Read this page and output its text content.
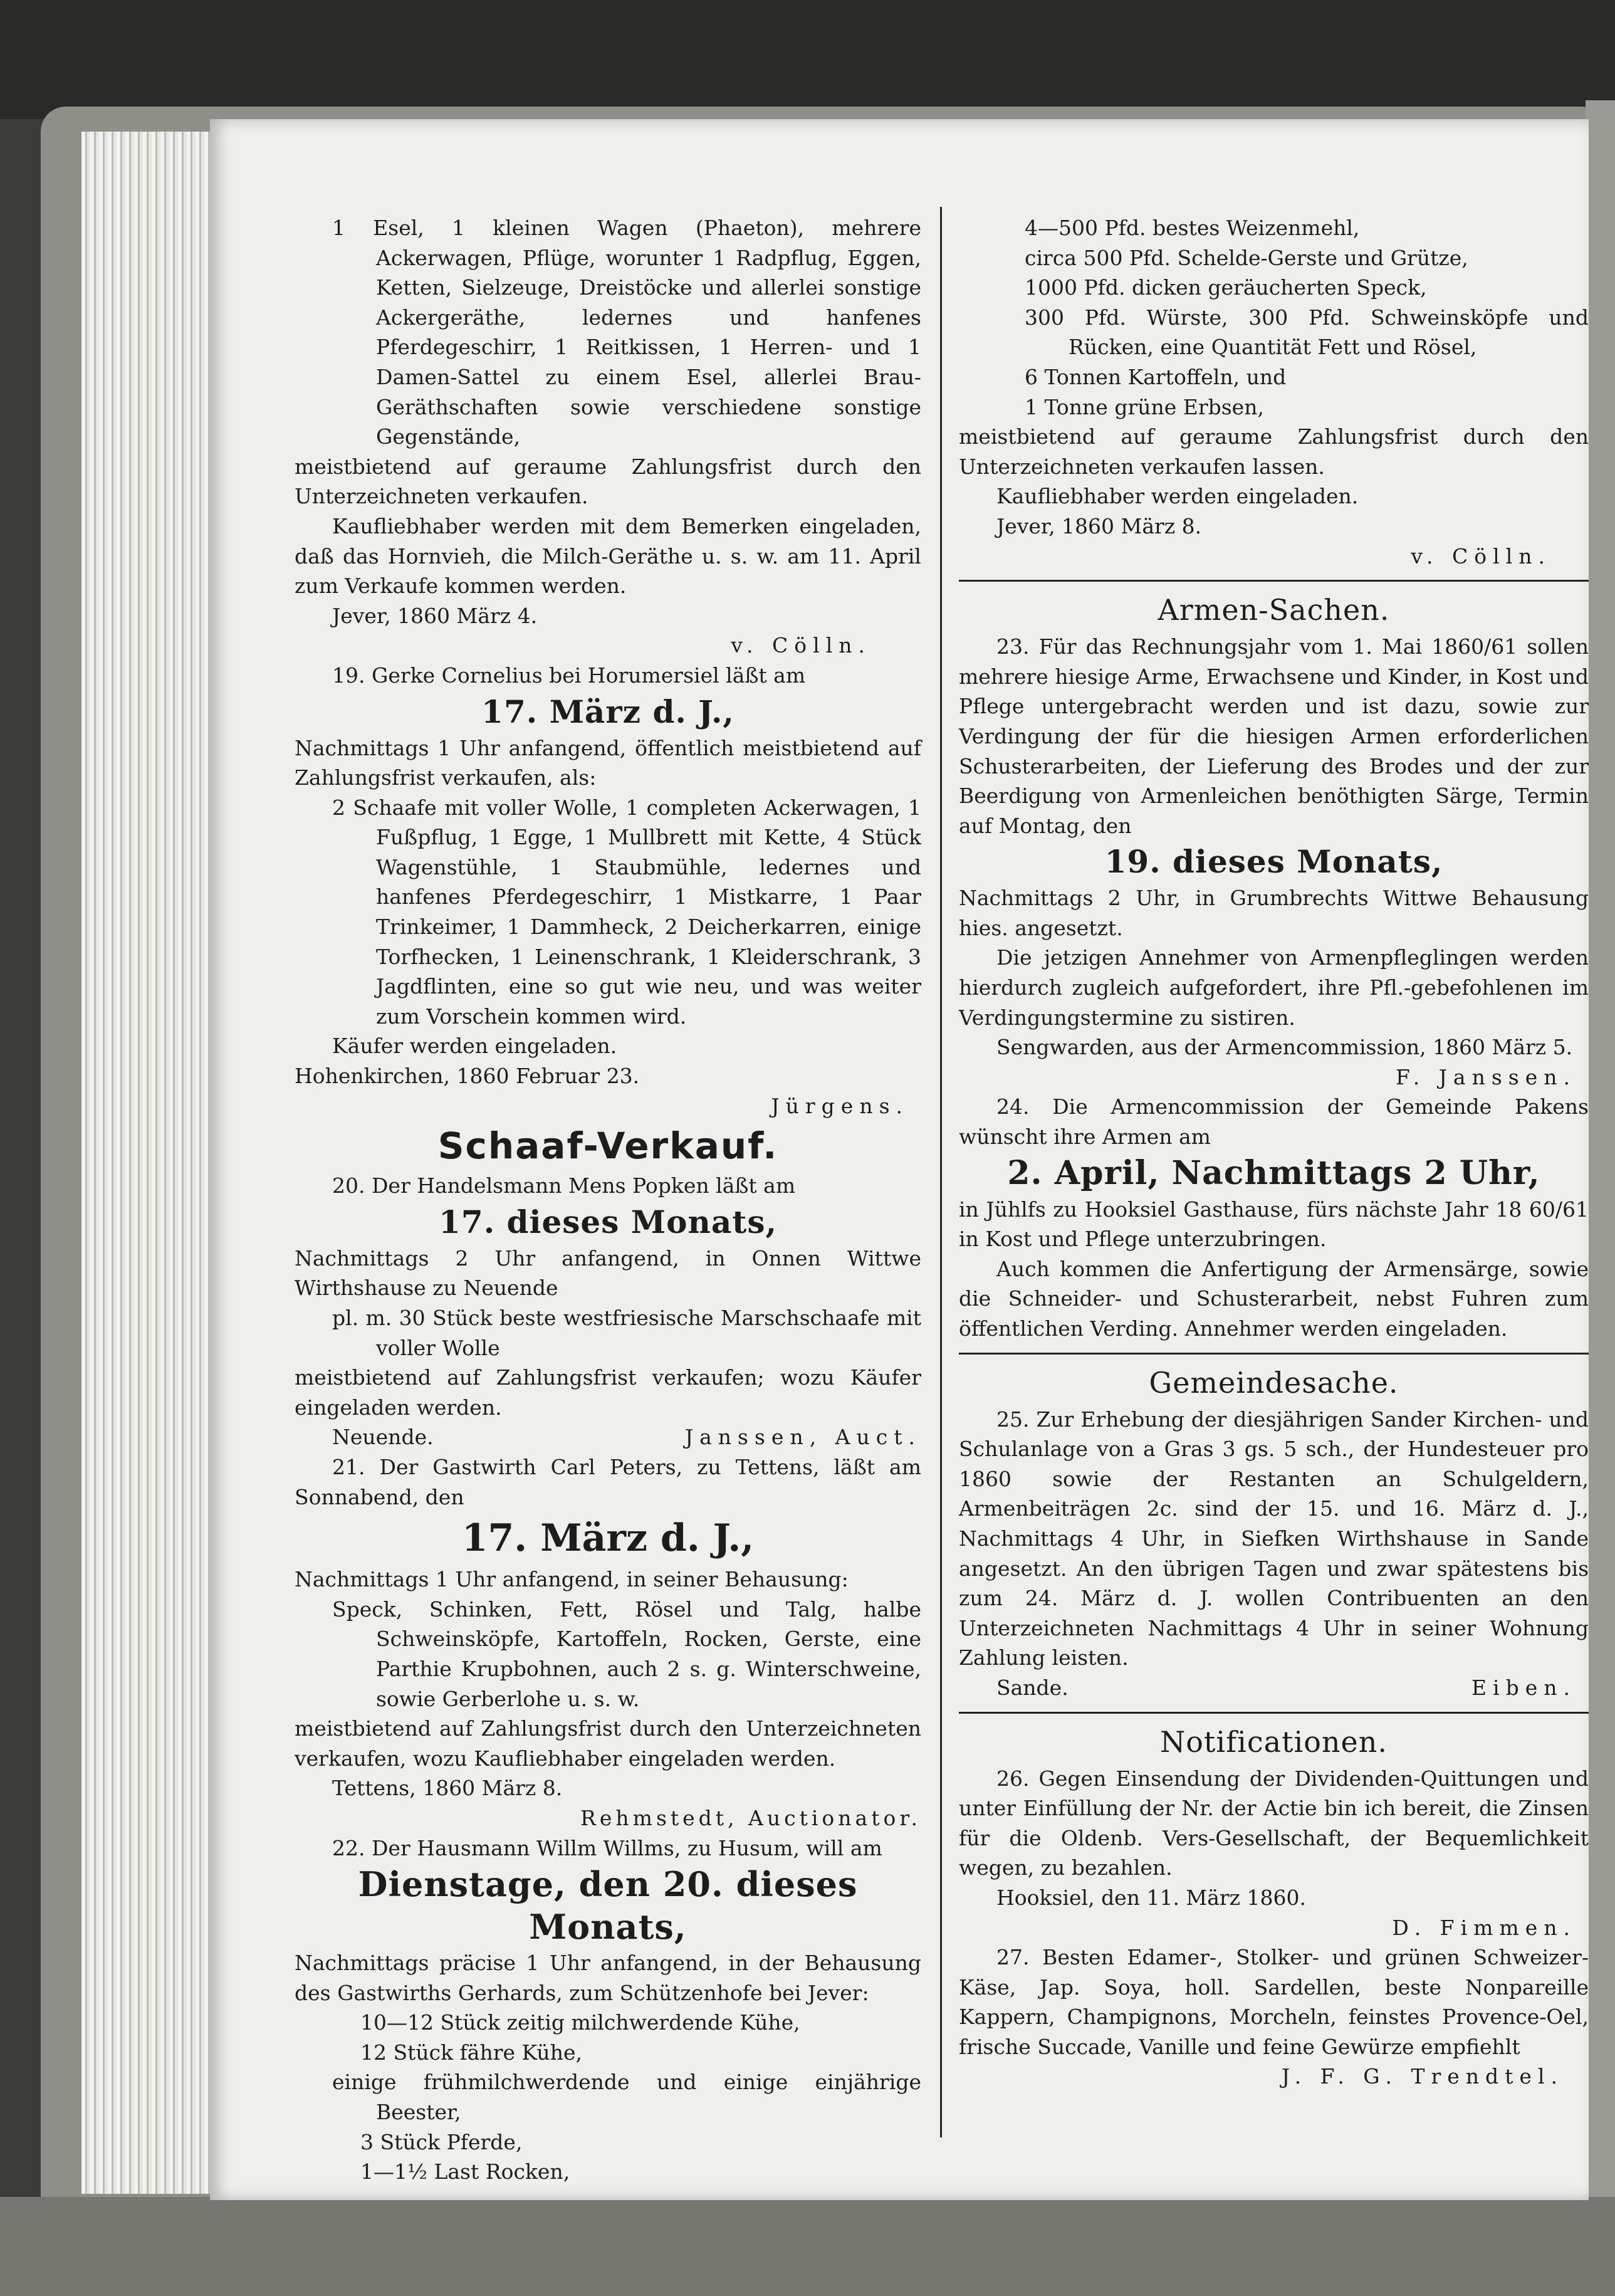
1 Esel, 1 kleinen Wagen (Phaeton), mehrere Ackerwagen, Pflüge, worunter 1 Radpflug, Eggen, Ketten, Sielzeuge, Dreistöcke und allerlei sonstige Ackergeräthe, ledernes und hanfenes Pferdegeschirr, 1 Reitkissen, 1 Herren- und 1 Damen-Sattel zu einem Esel, allerlei Brau-Geräthschaften sowie verschiedene sonstige Gegenstände,

meistbietend auf geraume Zahlungsfrist durch den Unterzeichneten verkaufen.

Kaufliebhaber werden mit dem Bemerken eingeladen, daß das Hornvieh, die Milch-Geräthe u. s. w. am 11. April zum Verkaufe kommen werden.

Jever, 1860 März 4.

v. Cölln.

19. Gerke Cornelius bei Horumersiel läßt am

17. März d. J.,

Nachmittags 1 Uhr anfangend, öffentlich meistbietend auf Zahlungsfrist verkaufen, als:

2 Schaafe mit voller Wolle, 1 completen Ackerwagen, 1 Fußpflug, 1 Egge, 1 Mullbrett mit Kette, 4 Stück Wagenstühle, 1 Staubmühle, ledernes und hanfenes Pferdegeschirr, 1 Mistkarre, 1 Paar Trinkeimer, 1 Dammheck, 2 Deicherkarren, einige Torfhecken, 1 Leinenschrank, 1 Kleiderschrank, 3 Jagdflinten, eine so gut wie neu, und was weiter zum Vorschein kommen wird.

Käufer werden eingeladen.

Hohenkirchen, 1860 Februar 23.

Jürgens.

Schaaf-Verkauf.

20. Der Handelsmann Mens Popken läßt am

17. dieses Monats,

Nachmittags 2 Uhr anfangend, in Onnen Wittwe Wirthshause zu Neuende

pl. m. 30 Stück beste westfriesische Marschschaafe mit voller Wolle

meistbietend auf Zahlungsfrist verkaufen; wozu Käufer eingeladen werden.

Neuende.	Janssen, Auct.

21. Der Gastwirth Carl Peters, zu Tettens, läßt am Sonnabend, den

17. März d. J.,

Nachmittags 1 Uhr anfangend, in seiner Behausung:

Speck, Schinken, Fett, Rösel und Talg, halbe Schweinsköpfe, Kartoffeln, Rocken, Gerste, eine Parthie Krupbohnen, auch 2 s. g. Winterschweine, sowie Gerberlohe u. s. w.

meistbietend auf Zahlungsfrist durch den Unterzeichneten verkaufen, wozu Kaufliebhaber eingeladen werden.

Tettens, 1860 März 8.

Rehmstedt, Auctionator.

22. Der Hausmann Willm Willms, zu Husum, will am

Dienstage, den 20. dieses Monats,

Nachmittags präcise 1 Uhr anfangend, in der Behausung des Gastwirths Gerhards, zum Schützenhofe bei Jever:

10—12 Stück zeitig milchwerdende Kühe,

12 Stück fähre Kühe,

einige frühmilchwerdende und einige einjährige Beester,

3 Stück Pferde,

1—1½ Last Rocken,

4—500 Pfd. bestes Weizenmehl,

circa 500 Pfd. Schelde-Gerste und Grütze,

1000 Pfd. dicken geräucherten Speck,

300 Pfd. Würste, 300 Pfd. Schweinsköpfe und Rücken, eine Quantität Fett und Rösel,

6 Tonnen Kartoffeln, und

1 Tonne grüne Erbsen,

meistbietend auf geraume Zahlungsfrist durch den Unterzeichneten verkaufen lassen.

Kaufliebhaber werden eingeladen.

Jever, 1860 März 8.

v. Cölln.

Armen-Sachen.

23. Für das Rechnungsjahr vom 1. Mai 1860/61 sollen mehrere hiesige Arme, Erwachsene und Kinder, in Kost und Pflege untergebracht werden und ist dazu, sowie zur Verdingung der für die hiesigen Armen erforderlichen Schusterarbeiten, der Lieferung des Brodes und der zur Beerdigung von Armenleichen benöthigten Särge, Termin auf Montag, den

19. dieses Monats,

Nachmittags 2 Uhr, in Grumbrechts Wittwe Behausung hies. angesetzt.

Die jetzigen Annehmer von Armenpfleglingen werden hierdurch zugleich aufgefordert, ihre Pfl.-gebefohlenen im Verdingungstermine zu sistiren.

Sengwarden, aus der Armencommission, 1860 März 5.

F. Janssen.

24. Die Armencommission der Gemeinde Pakens wünscht ihre Armen am

2. April, Nachmittags 2 Uhr,

in Jühlfs zu Hooksiel Gasthause, fürs nächste Jahr 18 60/61 in Kost und Pflege unterzubringen.

Auch kommen die Anfertigung der Armensärge, sowie die Schneider- und Schusterarbeit, nebst Fuhren zum öffentlichen Verding. Annehmer werden eingeladen.

Gemeindesache.

25. Zur Erhebung der diesjährigen Sander Kirchen- und Schulanlage von a Gras 3 gs. 5 sch., der Hundesteuer pro 1860 sowie der Restanten an Schulgeldern, Armenbeiträgen 2c. sind der 15. und 16. März d. J., Nachmittags 4 Uhr, in Siefken Wirthshause in Sande angesetzt. An den übrigen Tagen und zwar spätestens bis zum 24. März d. J. wollen Contribuenten an den Unterzeichneten Nachmittags 4 Uhr in seiner Wohnung Zahlung leisten.

Sande.	Eiben.

Notificationen.

26. Gegen Einsendung der Dividenden-Quittungen und unter Einfüllung der Nr. der Actie bin ich bereit, die Zinsen für die Oldenb. Vers-Gesellschaft, der Bequemlichkeit wegen, zu bezahlen.

Hooksiel, den 11. März 1860.

D. Fimmen.

27. Besten Edamer-, Stolker- und grünen Schweizer-Käse, Jap. Soya, holl. Sardellen, beste Nonpareille Kappern, Champignons, Morcheln, feinstes Provence-Oel, frische Succade, Vanille und feine Gewürze empfiehlt

J. F. G. Trendtel.
